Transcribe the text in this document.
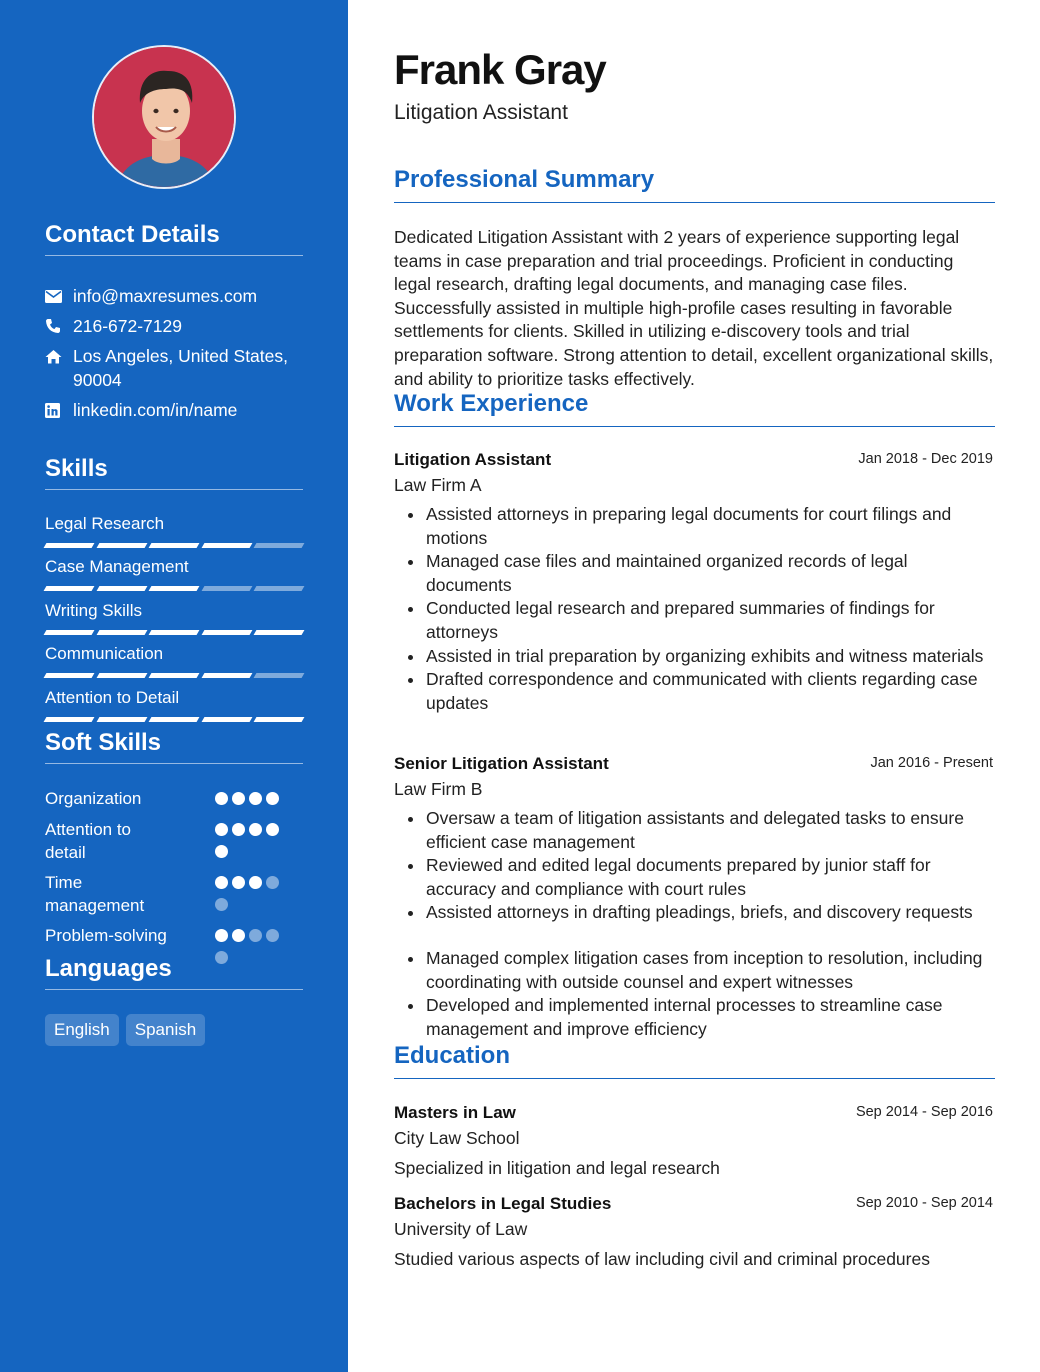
Contact Details
info@maxresumes.com
216-672-7129
Los Angeles, United States, 90004
linkedin.com/in/name
Skills
Legal Research
Case Management
Writing Skills
Communication
Attention to Detail
Soft Skills
Organization
Attention to detail
Time management
Problem-solving
Languages
English	Spanish
Frank Gray
Litigation Assistant
Professional Summary

Dedicated Litigation Assistant with 2 years of experience supporting legal teams in case preparation and trial proceedings. Proficient in conducting legal research, drafting legal documents, and managing case files. Successfully assisted in multiple high-profile cases resulting in favorable settlements for clients. Skilled in utilizing e-discovery tools and trial preparation software. Strong attention to detail, excellent organizational skills, and ability to prioritize tasks effectively.

Work Experience
Litigation Assistant	Jan 2018 - Dec 2019
Law Firm A
Assisted attorneys in preparing legal documents for court filings and motions
Managed case files and maintained organized records of legal documents
Conducted legal research and prepared summaries of findings for attorneys
Assisted in trial preparation by organizing exhibits and witness materials
Drafted correspondence and communicated with clients regarding case updates
Senior Litigation Assistant	Jan 2016 - Present
Law Firm B
Oversaw a team of litigation assistants and delegated tasks to ensure efficient case management
Reviewed and edited legal documents prepared by junior staff for accuracy and compliance with court rules
Assisted attorneys in drafting pleadings, briefs, and discovery requests
Managed complex litigation cases from inception to resolution, including coordinating with outside counsel and expert witnesses
Developed and implemented internal processes to streamline case management and improve efficiency
Education
Masters in Law	Sep 2014 - Sep 2016
City Law School
Specialized in litigation and legal research
Bachelors in Legal Studies	Sep 2010 - Sep 2014
University of Law
Studied various aspects of law including civil and criminal procedures
